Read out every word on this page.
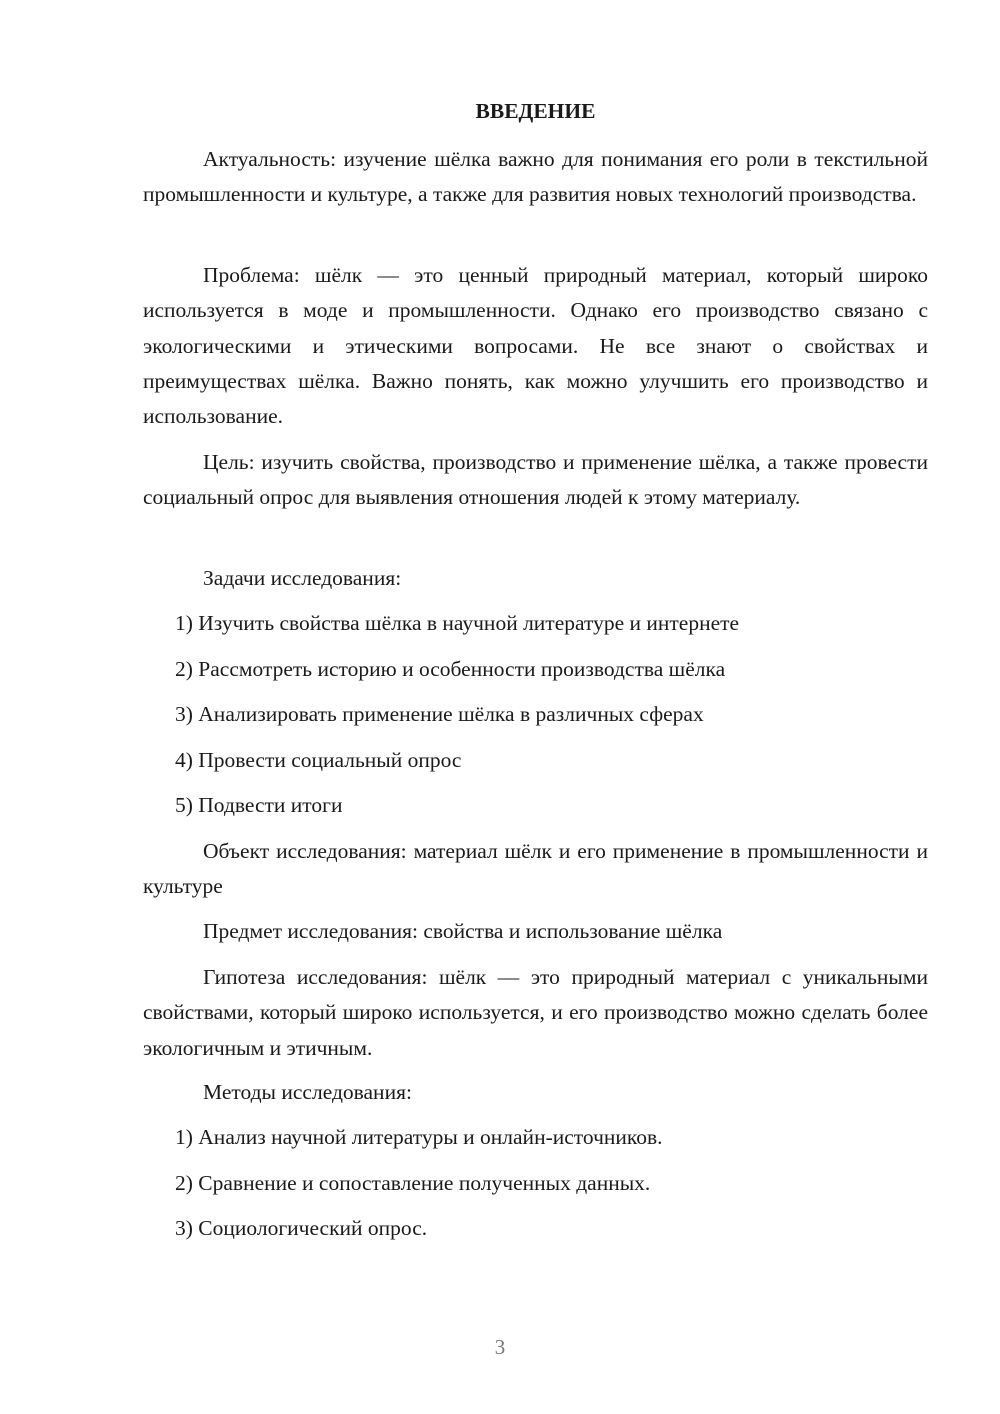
ВВЕДЕНИЕ

Актуальность: изучение шёлка важно для понимания его роли в текстильной промышленности и культуре, а также для развития новых технологий производства.

Проблема: шёлк — это ценный природный материал, который широко используется в моде и промышленности. Однако его производство связано с экологическими и этическими вопросами. Не все знают о свойствах и преимуществах шёлка. Важно понять, как можно улучшить его производство и использование.

Цель: изучить свойства, производство и применение шёлка, а также провести социальный опрос для выявления отношения людей к этому материалу.

Задачи исследования:
1) Изучить свойства шёлка в научной литературе и интернете
2) Рассмотреть историю и особенности производства шёлка
3) Анализировать применение шёлка в различных сферах
4) Провести социальный опрос
5) Подвести итоги

Объект исследования: материал шёлк и его применение в промышленности и культуре

Предмет исследования: свойства и использование шёлка

Гипотеза исследования: шёлк — это природный материал с уникальными свойствами, который широко используется, и его производство можно сделать более экологичным и этичным.

Методы исследования:
1) Анализ научной литературы и онлайн-источников.
2) Сравнение и сопоставление полученных данных.
3) Социологический опрос.
3
